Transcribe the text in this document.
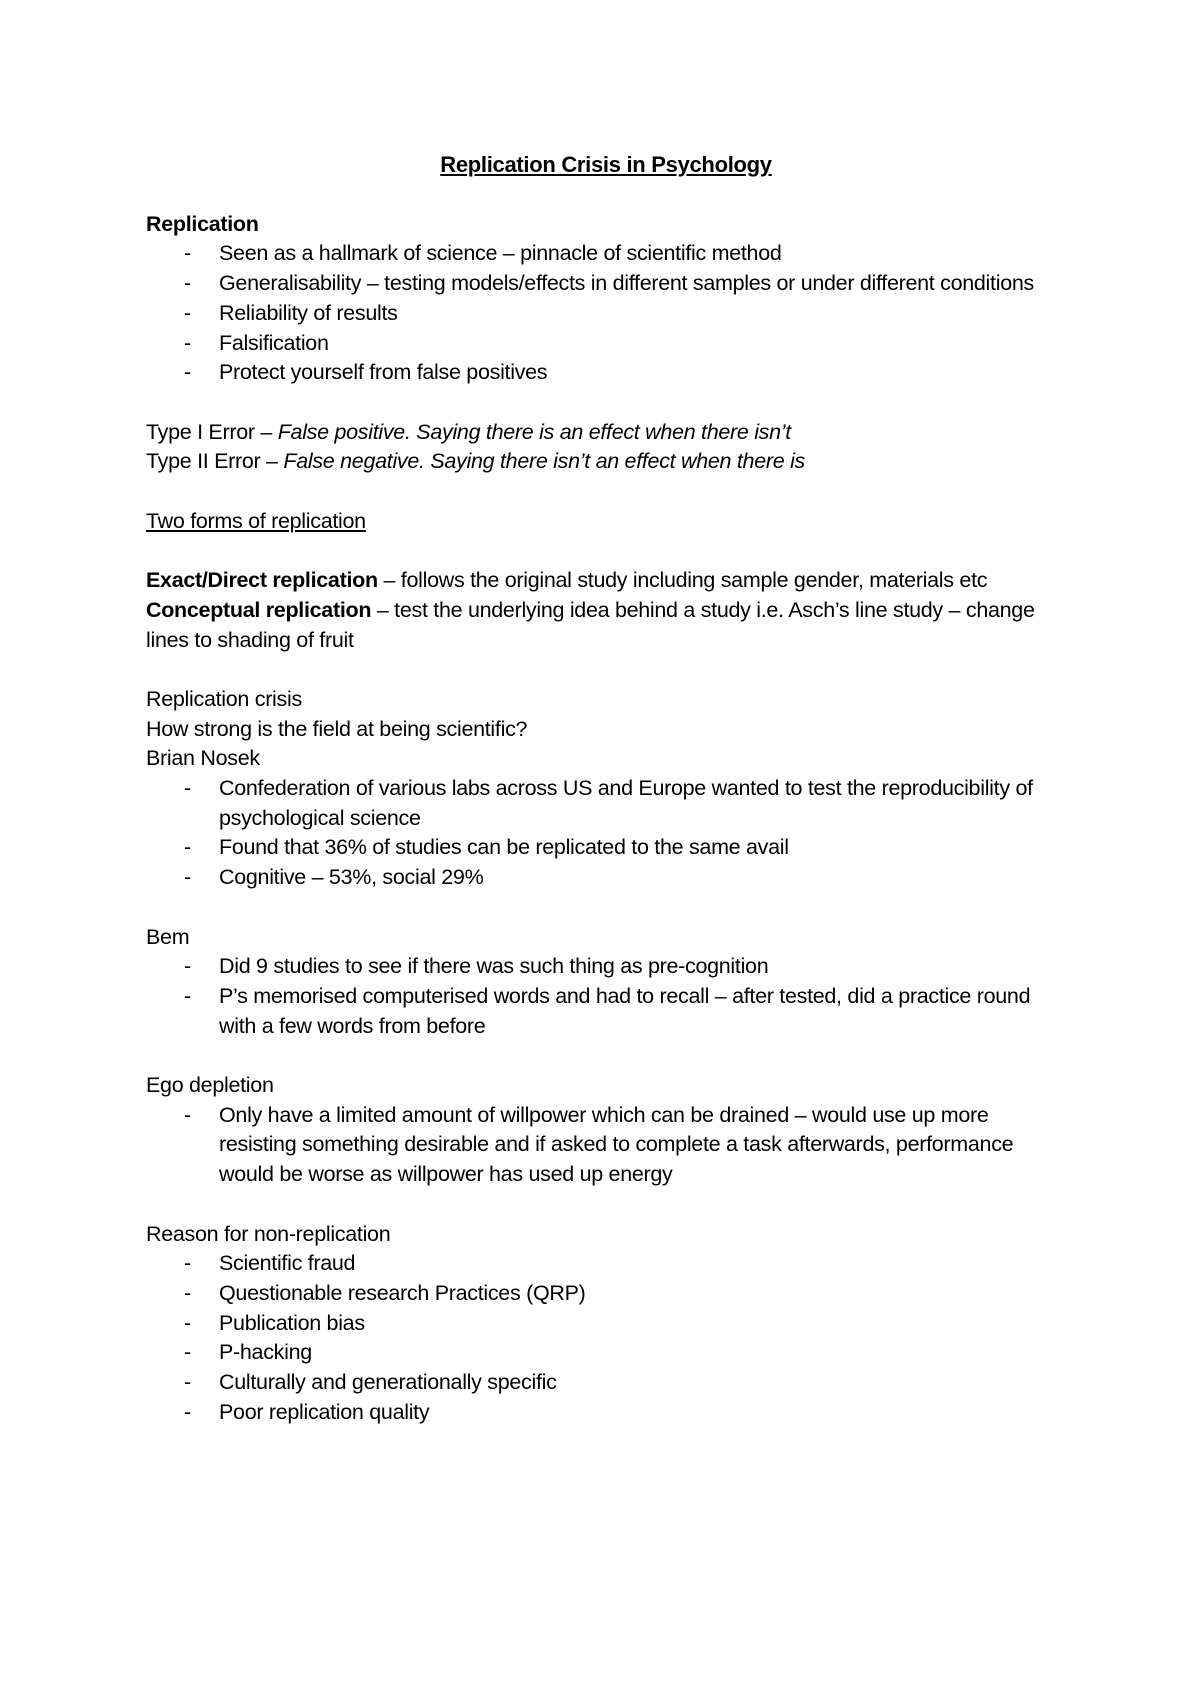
Replication Crisis in Psychology
Replication
- Seen as a hallmark of science – pinnacle of scientific method
- Generalisability – testing models/effects in different samples or under different conditions
- Reliability of results
- Falsification
- Protect yourself from false positives
Type I Error – False positive. Saying there is an effect when there isn’t
Type II Error – False negative. Saying there isn’t an effect when there is
Two forms of replication
Exact/Direct replication – follows the original study including sample gender, materials etc
Conceptual replication – test the underlying idea behind a study i.e. Asch’s line study – change lines to shading of fruit
Replication crisis
How strong is the field at being scientific?
Brian Nosek
- Confederation of various labs across US and Europe wanted to test the reproducibility of psychological science
- Found that 36% of studies can be replicated to the same avail
- Cognitive – 53%, social 29%
Bem
- Did 9 studies to see if there was such thing as pre-cognition
- P’s memorised computerised words and had to recall – after tested, did a practice round with a few words from before
Ego depletion
- Only have a limited amount of willpower which can be drained – would use up more resisting something desirable and if asked to complete a task afterwards, performance would be worse as willpower has used up energy
Reason for non-replication
- Scientific fraud
- Questionable research Practices (QRP)
- Publication bias
- P-hacking
- Culturally and generationally specific
- Poor replication quality
